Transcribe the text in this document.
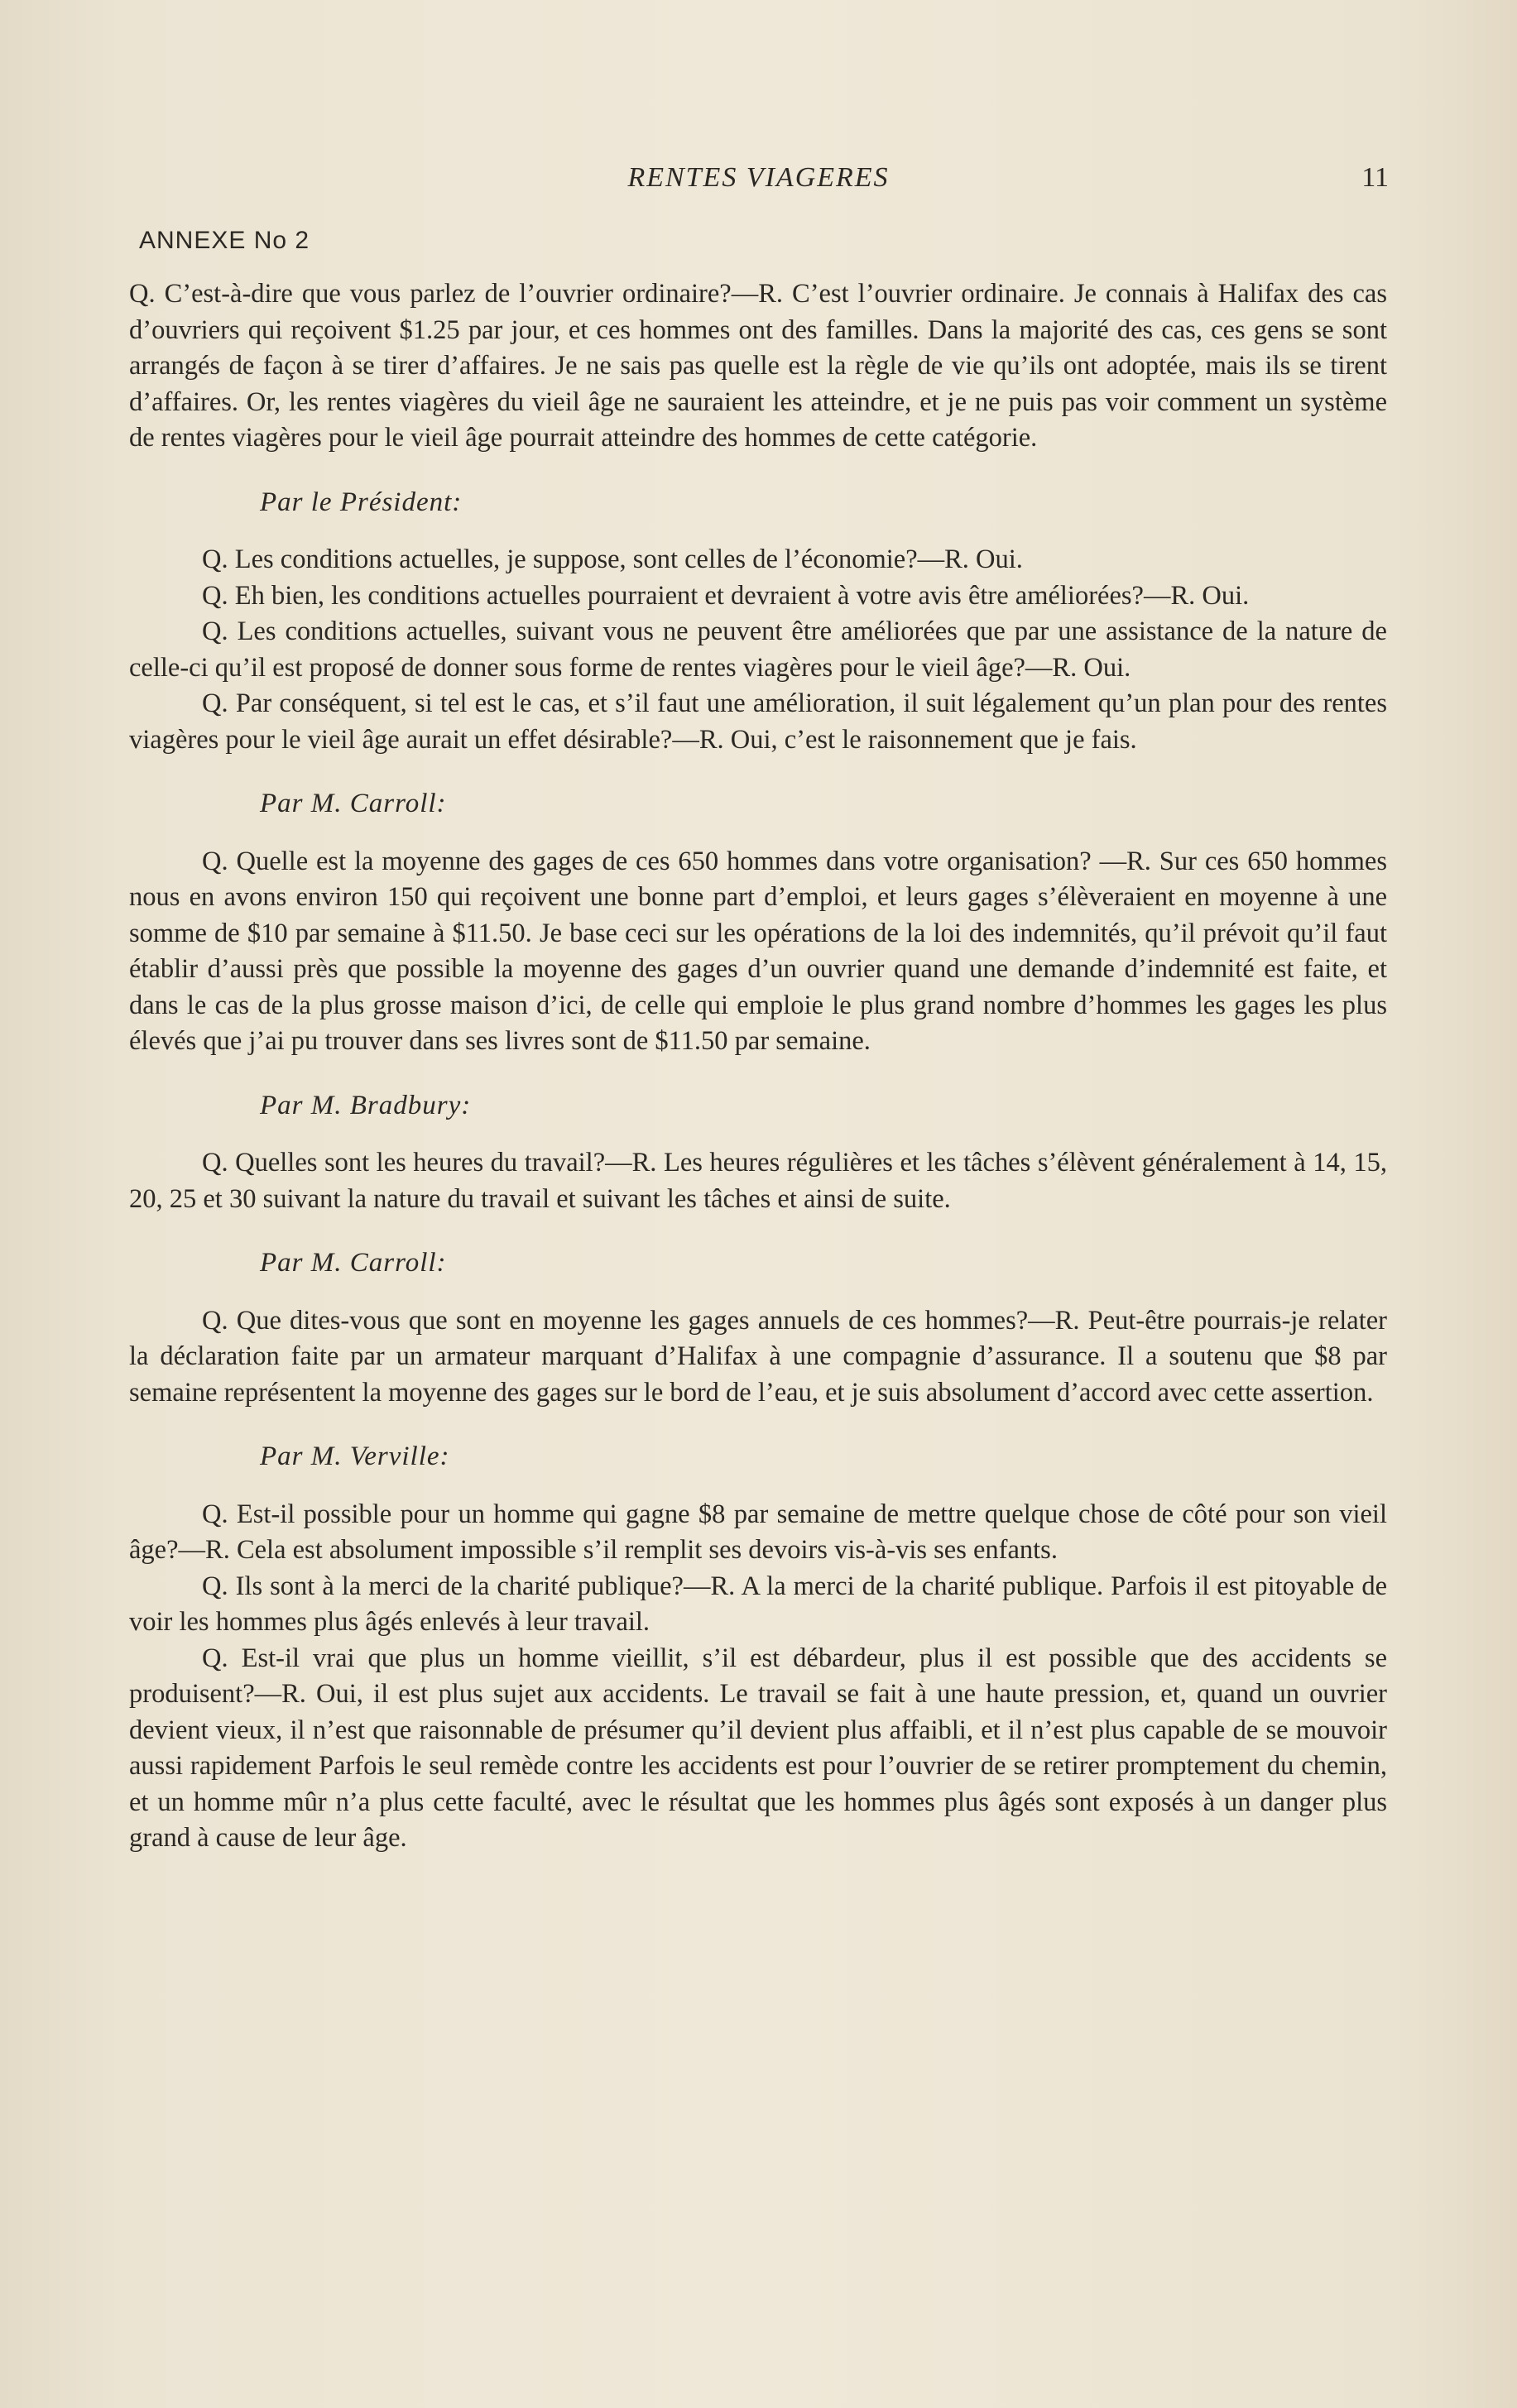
RENTES VIAGERES	11
ANNEXE No 2

Q. C’est-à-dire que vous parlez de l’ouvrier ordinaire?—R. C’est l’ouvrier ordinaire. Je connais à Halifax des cas d’ouvriers qui reçoivent $1.25 par jour, et ces hommes ont des familles. Dans la majorité des cas, ces gens se sont arrangés de façon à se tirer d’affaires. Je ne sais pas quelle est la règle de vie qu’ils ont adoptée, mais ils se tirent d’affaires. Or, les rentes viagères du vieil âge ne sauraient les atteindre, et je ne puis pas voir comment un système de rentes viagères pour le vieil âge pourrait atteindre des hommes de cette catégorie.

Par le Président:

Q. Les conditions actuelles, je suppose, sont celles de l’économie?—R. Oui.

Q. Eh bien, les conditions actuelles pourraient et devraient à votre avis être améliorées?—R. Oui.

Q. Les conditions actuelles, suivant vous ne peuvent être améliorées que par une assistance de la nature de celle-ci qu’il est proposé de donner sous forme de rentes viagères pour le vieil âge?—R. Oui.

Q. Par conséquent, si tel est le cas, et s’il faut une amélioration, il suit légalement qu’un plan pour des rentes viagères pour le vieil âge aurait un effet désirable?—R. Oui, c’est le raisonnement que je fais.

Par M. Carroll:

Q. Quelle est la moyenne des gages de ces 650 hommes dans votre organisation? —R. Sur ces 650 hommes nous en avons environ 150 qui reçoivent une bonne part d’emploi, et leurs gages s’élèveraient en moyenne à une somme de $10 par semaine à $11.50. Je base ceci sur les opérations de la loi des indemnités, qu’il prévoit qu’il faut établir d’aussi près que possible la moyenne des gages d’un ouvrier quand une demande d’indemnité est faite, et dans le cas de la plus grosse maison d’ici, de celle qui emploie le plus grand nombre d’hommes les gages les plus élevés que j’ai pu trouver dans ses livres sont de $11.50 par semaine.

Par M. Bradbury:

Q. Quelles sont les heures du travail?—R. Les heures régulières et les tâches s’élèvent généralement à 14, 15, 20, 25 et 30 suivant la nature du travail et suivant les tâches et ainsi de suite.

Par M. Carroll:

Q. Que dites-vous que sont en moyenne les gages annuels de ces hommes?—R. Peut-être pourrais-je relater la déclaration faite par un armateur marquant d’Halifax à une compagnie d’assurance. Il a soutenu que $8 par semaine représentent la moyenne des gages sur le bord de l’eau, et je suis absolument d’accord avec cette assertion.

Par M. Verville:

Q. Est-il possible pour un homme qui gagne $8 par semaine de mettre quelque chose de côté pour son vieil âge?—R. Cela est absolument impossible s’il remplit ses devoirs vis-à-vis ses enfants.

Q. Ils sont à la merci de la charité publique?—R. A la merci de la charité publique. Parfois il est pitoyable de voir les hommes plus âgés enlevés à leur travail.

Q. Est-il vrai que plus un homme vieillit, s’il est débardeur, plus il est possible que des accidents se produisent?—R. Oui, il est plus sujet aux accidents. Le travail se fait à une haute pression, et, quand un ouvrier devient vieux, il n’est que raisonnable de présumer qu’il devient plus affaibli, et il n’est plus capable de se mouvoir aussi rapidement Parfois le seul remède contre les accidents est pour l’ouvrier de se retirer promptement du chemin, et un homme mûr n’a plus cette faculté, avec le résultat que les hommes plus âgés sont exposés à un danger plus grand à cause de leur âge.
